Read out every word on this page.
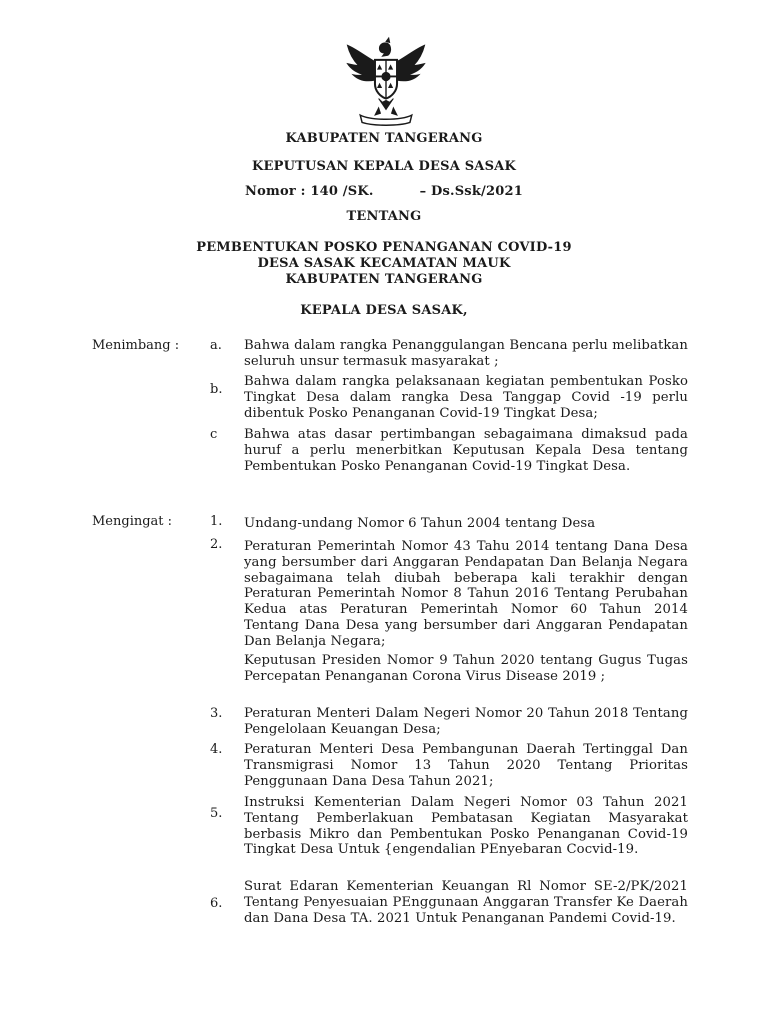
KABUPATEN TANGERANG
KEPUTUSAN KEPALA DESA SASAK
Nomor : 140 /SK.	– Ds.Ssk/2021
TENTANG
PEMBENTUKAN POSKO PENANGANAN COVID-19
DESA SASAK KECAMATAN MAUK
KABUPATEN TANGERANG
KEPALA DESA SASAK,
Menimbang : a. Bahwa dalam rangka Penanggulangan Bencana perlu melibatkan seluruh unsur termasuk masyarakat ;
b.
Bahwa dalam rangka pelaksanaan kegiatan pembentukan Posko Tingkat Desa dalam rangka Desa Tanggap Covid -19 perlu dibentuk Posko Penanganan Covid-19 Tingkat Desa;
c Bahwa atas dasar pertimbangan sebagaimana dimaksud pada huruf a perlu menerbitkan Keputusan Kepala Desa tentang Pembentukan Posko Penanganan Covid-19 Tingkat Desa.
Mengingat :	1. Undang-undang Nomor 6 Tahun 2004 tentang Desa
2. Peraturan Pemerintah Nomor 43 Tahu 2014 tentang Dana Desa yang bersumber dari Anggaran Pendapatan Dan Belanja Negara sebagaimana telah diubah beberapa kali terakhir dengan Peraturan Pemerintah Nomor 8 Tahun 2016 Tentang Perubahan Kedua atas Peraturan Pemerintah Nomor 60 Tahun 2014 Tentang Dana Desa yang bersumber dari Anggaran Pendapatan Dan Belanja Negara;
Keputusan Presiden Nomor 9 Tahun 2020 tentang Gugus Tugas Percepatan Penanganan Corona Virus Disease 2019 ;
3. Peraturan Menteri Dalam Negeri Nomor 20 Tahun 2018 Tentang Pengelolaan Keuangan Desa;
4. Peraturan Menteri Desa Pembangunan Daerah Tertinggal Dan Transmigrasi Nomor 13 Tahun 2020 Tentang Prioritas Penggunaan Dana Desa Tahun 2021;
5.
Instruksi Kementerian Dalam Negeri Nomor 03 Tahun 2021 Tentang Pemberlakuan Pembatasan Kegiatan Masyarakat berbasis Mikro dan Pembentukan Posko Penanganan Covid-19 Tingkat Desa Untuk {engendalian PEnyebaran Cocvid-19.
6.
Surat Edaran Kementerian Keuangan Rl Nomor SE-2/PK/2021 Tentang Penyesuaian PEnggunaan Anggaran Transfer Ke Daerah dan Dana Desa TA. 2021 Untuk Penanganan Pandemi Covid-19.
